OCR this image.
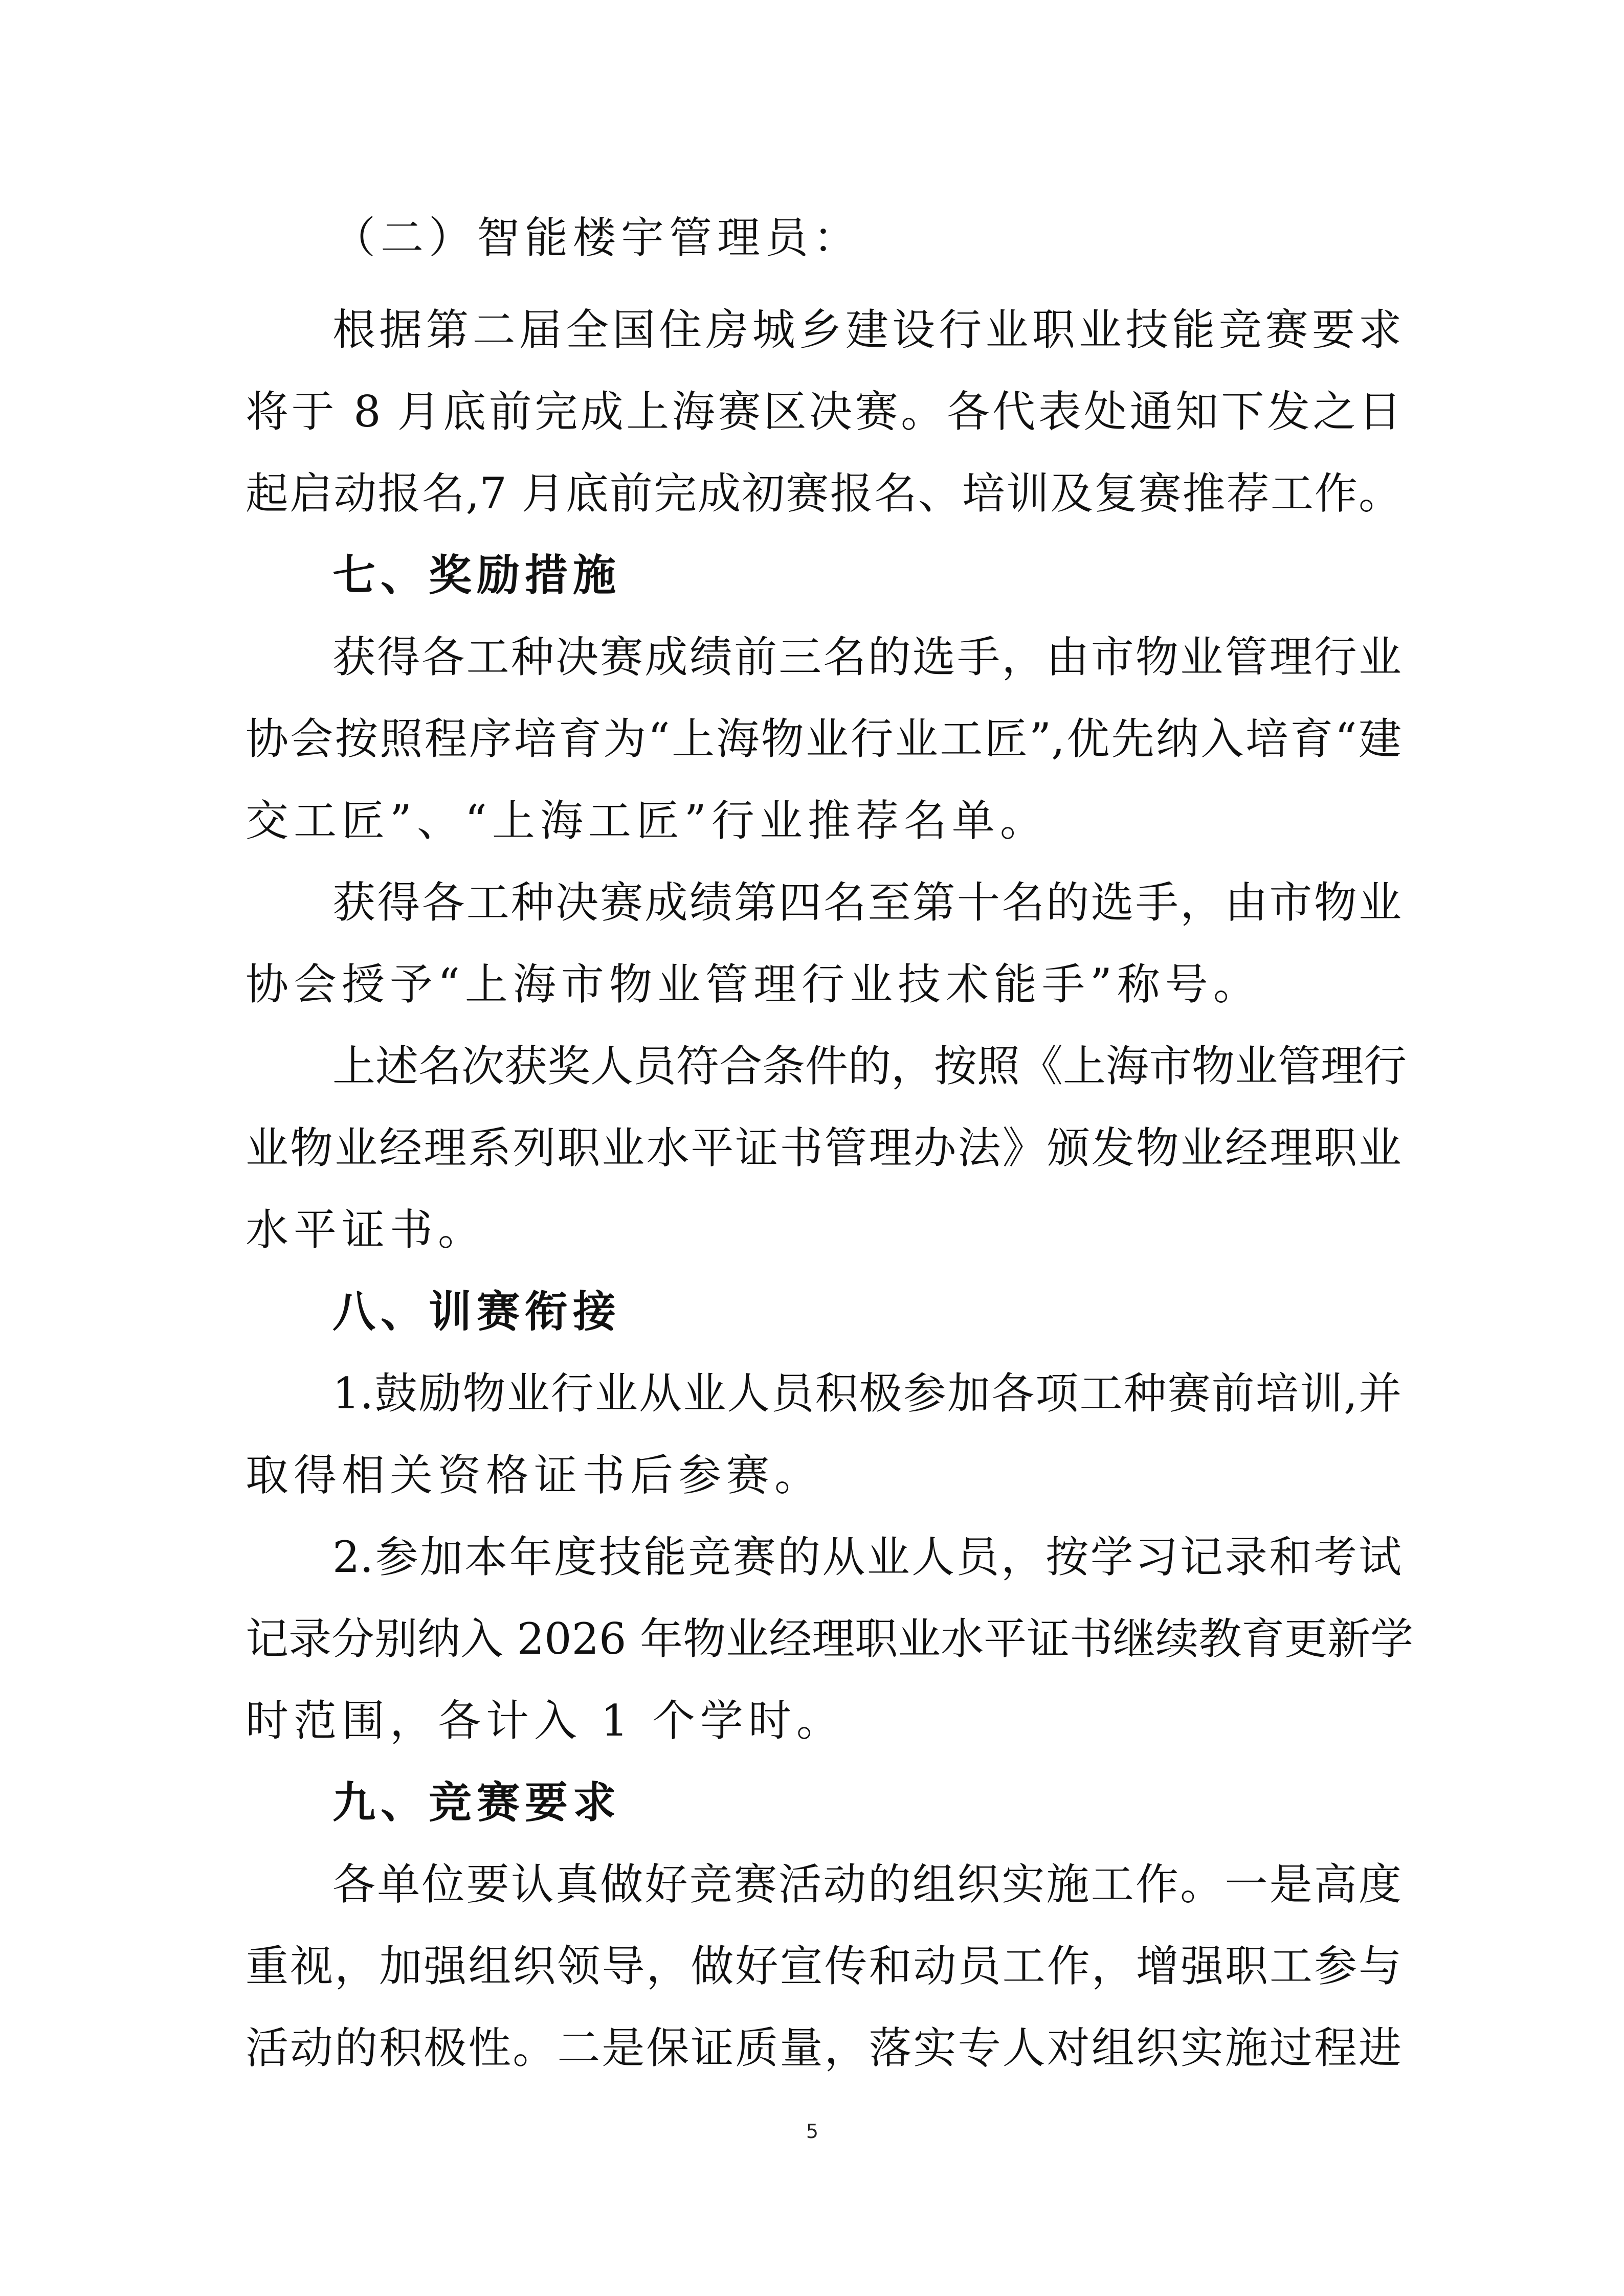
（二）智能楼宇管理员：
根据第二届全国住房城乡建设行业职业技能竞赛要求
将于 8 月底前完成上海赛区决赛。各代表处通知下发之日
起启动报名,7 月底前完成初赛报名、培训及复赛推荐工作。
七、奖励措施
获得各工种决赛成绩前三名的选手，由市物业管理行业
协会按照程序培育为“上海物业行业工匠”,优先纳入培育“建
交工匠”、“上海工匠”行业推荐名单。
获得各工种决赛成绩第四名至第十名的选手，由市物业
协会授予“上海市物业管理行业技术能手”称号。
上述名次获奖人员符合条件的，按照《上海市物业管理行
业物业经理系列职业水平证书管理办法》颁发物业经理职业
水平证书。
八、训赛衔接
1.鼓励物业行业从业人员积极参加各项工种赛前培训,并
取得相关资格证书后参赛。
2.参加本年度技能竞赛的从业人员，按学习记录和考试
记录分别纳入 2026 年物业经理职业水平证书继续教育更新学
时范围，各计入 1 个学时。
九、竞赛要求
各单位要认真做好竞赛活动的组织实施工作。一是高度
重视，加强组织领导，做好宣传和动员工作，增强职工参与
活动的积极性。二是保证质量，落实专人对组织实施过程进
5
